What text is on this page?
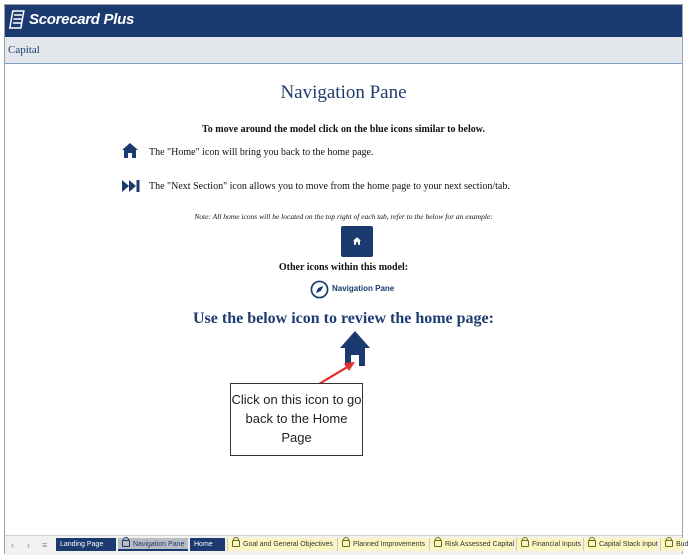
Scorecard Plus
Capital
Navigation Pane
To move around the model click on the blue icons similar to below.
The "Home" icon will bring you back to the home page.
The "Next Section" icon allows you to move from the home page to your next section/tab.
Note: All home icons will be located on the top right of each tab, refer to the below for an example:
Other icons within this model:
Navigation Pane
Use the below icon to review the home page:
Click on this icon to go back to the Home Page
‹ › ≡	Landing Page	Navigation Pane	Home	Goal and General Objectives	Planned Improvements	Risk Assessed Capital	Financial Inputs	Capital Stack Input	Bud
